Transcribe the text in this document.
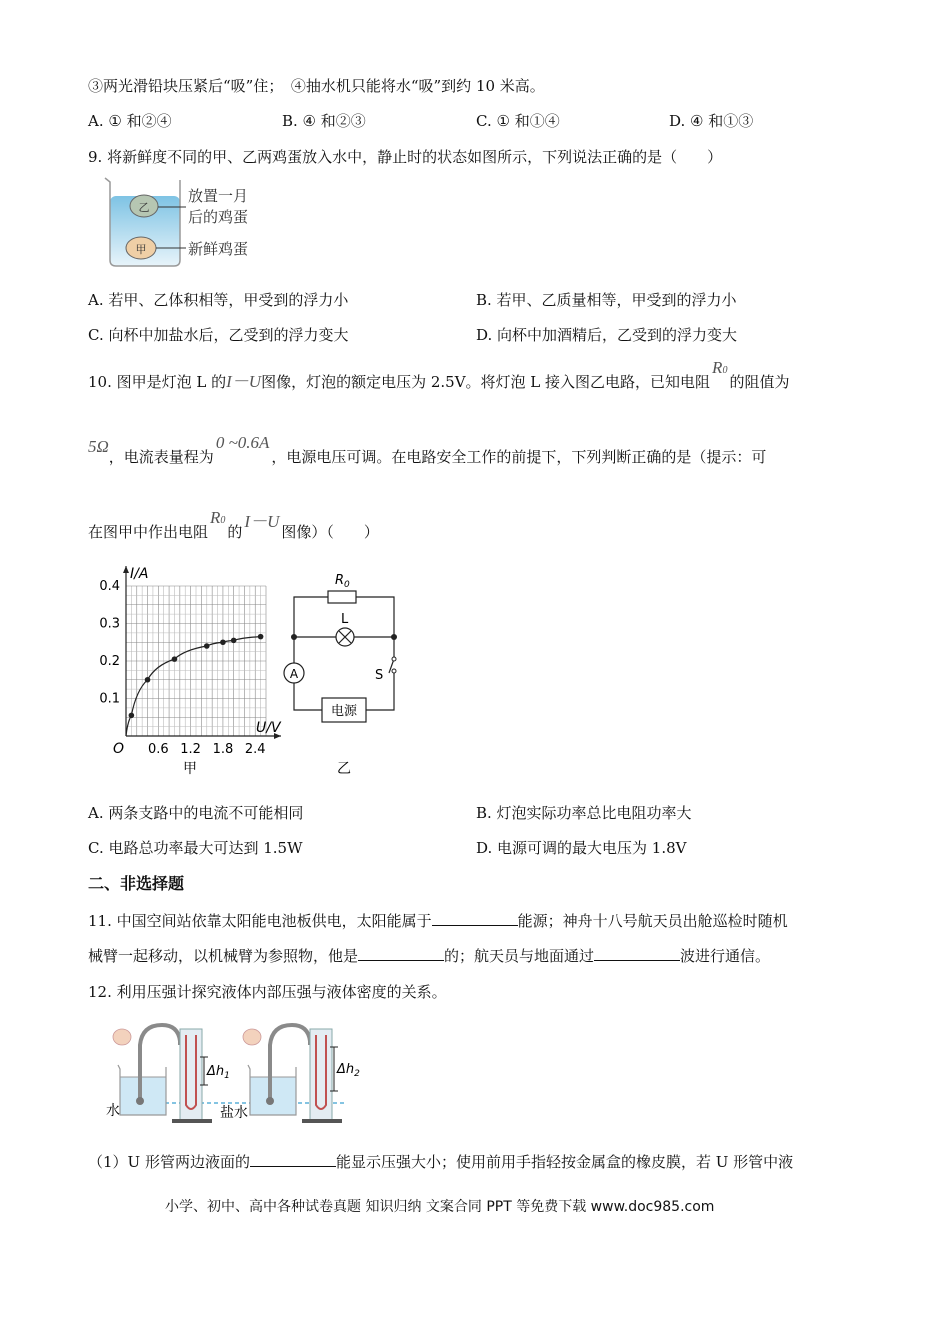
③两光滑铅块压紧后“吸”住；　④抽水机只能将水“吸”到约 10 米高。
A. ① 和②④	B. ④ 和②③	C. ① 和①④	D. ④ 和①③
9. 将新鲜度不同的甲、乙两鸡蛋放入水中，静止时的状态如图所示，下列说法正确的是（　　）
乙
甲
放置一月
后的鸡蛋
新鲜鸡蛋
A. 若甲、乙体积相等，甲受到的浮力小	B. 若甲、乙质量相等，甲受到的浮力小
C. 向杯中加盐水后，乙受到的浮力变大	D. 向杯中加酒精后，乙受到的浮力变大
10. 图甲是灯泡 L 的I－U图像，灯泡的额定电压为 2.5V。将灯泡 L 接入图乙电路，已知电阻R0的阻值为
5Ω，电流表量程为0 ~0.6A，电源电压可调。在电路安全工作的前提下，下列判断正确的是（提示：可
在图甲中作出电阻R0的I－U图像）（　　）
0.6 1.2 1.8 2.4
0.1
0.2
0.3
0.4
I/A
U/V
O
甲
$R_0$
L
A	S
电源
乙
A. 两条支路中的电流不可能相同	B. 灯泡实际功率总比电阻功率大
C. 电路总功率最大可达到 1.5W	D. 电源可调的最大电压为 1.8V
二、非选择题
11. 中国空间站依靠太阳能电池板供电，太阳能属于	能源；神舟十八号航天员出舱巡检时随机
械臂一起移动，以机械臂为参照物，他是	的；航天员与地面通过	波进行通信。
12. 利用压强计探究液体内部压强与液体密度的关系。
$\Delta h_1$
水
$\Delta h_2$
盐水
（1）U 形管两边液面的	能显示压强大小；使用前用手指轻按金属盒的橡皮膜，若 U 形管中液
小学、初中、高中各种试卷真题 知识归纳 文案合同 PPT 等免费下载 www.doc985.com
